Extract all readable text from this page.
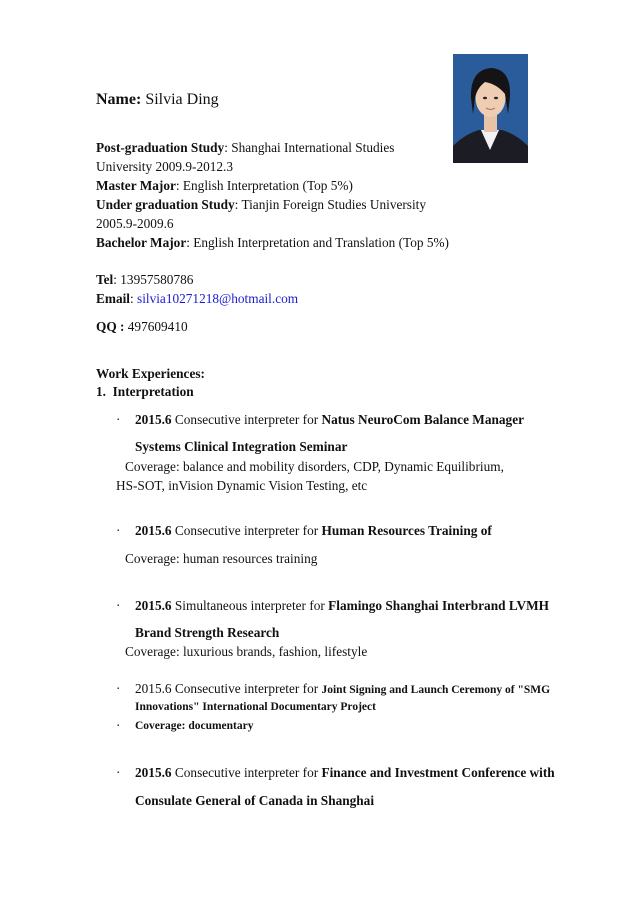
Name: Silvia Ding
Post-graduation Study: Shanghai International Studies
University 2009.9-2012.3
Master Major: English Interpretation (Top 5%)
Under graduation Study: Tianjin Foreign Studies University
2005.9-2009.6
Bachelor Major: English Interpretation and Translation (Top 5%)
Tel: 13957580786
Email: silvia10271218@hotmail.com
QQ : 497609410
Work Experiences:
1.  Interpretation
· 2015.6 Consecutive interpreter for Natus NeuroCom Balance Manager
Systems Clinical Integration Seminar
Coverage: balance and mobility disorders, CDP, Dynamic Equilibrium,
HS-SOT, inVision Dynamic Vision Testing, etc
· 2015.6 Consecutive interpreter for Human Resources Training of
Coverage: human resources training
· 2015.6 Simultaneous interpreter for Flamingo Shanghai Interbrand LVMH
Brand Strength Research
Coverage: luxurious brands, fashion, lifestyle
· 2015.6 Consecutive interpreter for Joint Signing and Launch Ceremony of "SMG
Innovations" International Documentary Project
· Coverage: documentary
· 2015.6 Consecutive interpreter for Finance and Investment Conference with
Consulate General of Canada in Shanghai
